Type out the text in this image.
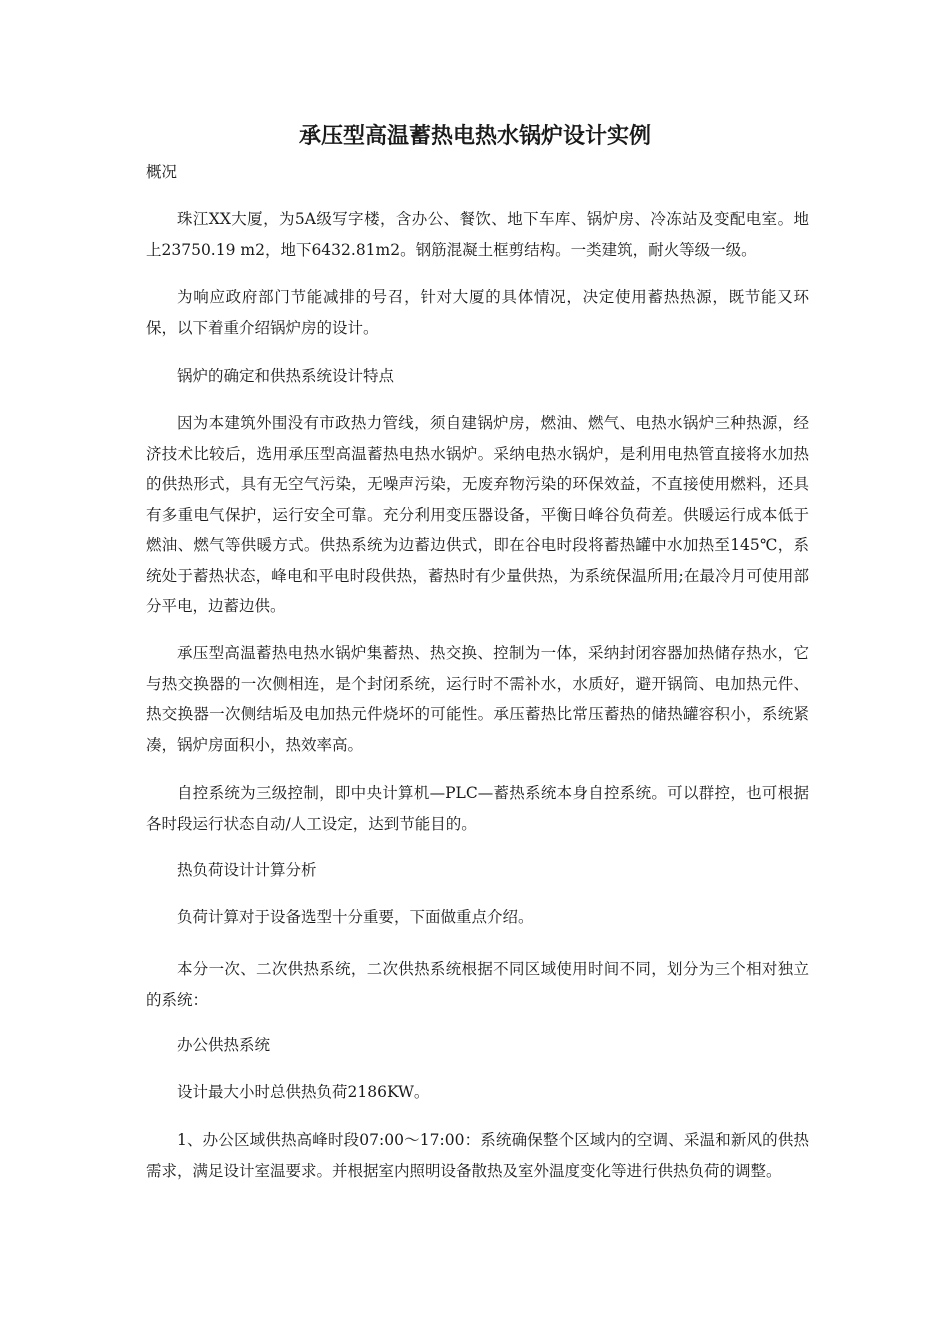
承压型高温蓄热电热水锅炉设计实例

概况

珠江XX大厦，为5A级写字楼，含办公、餐饮、地下车库、锅炉房、冷冻站及变配电室。地上23750.19 m2，地下6432.81m2。钢筋混凝土框剪结构。一类建筑，耐火等级一级。

为响应政府部门节能减排的号召，针对大厦的具体情况，决定使用蓄热热源，既节能又环保，以下着重介绍锅炉房的设计。

锅炉的确定和供热系统设计特点

因为本建筑外围没有市政热力管线，须自建锅炉房，燃油、燃气、电热水锅炉三种热源，经济技术比较后，选用承压型高温蓄热电热水锅炉。采纳电热水锅炉，是利用电热管直接将水加热的供热形式，具有无空气污染，无噪声污染，无废弃物污染的环保效益，不直接使用燃料，还具有多重电气保护，运行安全可靠。充分利用变压器设备，平衡日峰谷负荷差。供暖运行成本低于燃油、燃气等供暖方式。供热系统为边蓄边供式，即在谷电时段将蓄热罐中水加热至145℃，系统处于蓄热状态，峰电和平电时段供热，蓄热时有少量供热，为系统保温所用;在最冷月可使用部分平电，边蓄边供。

承压型高温蓄热电热水锅炉集蓄热、热交换、控制为一体，采纳封闭容器加热储存热水，它与热交换器的一次侧相连，是个封闭系统，运行时不需补水，水质好，避开锅筒、电加热元件、热交换器一次侧结垢及电加热元件烧坏的可能性。承压蓄热比常压蓄热的储热罐容积小，系统紧凑，锅炉房面积小，热效率高。

自控系统为三级控制，即中央计算机—PLC—蓄热系统本身自控系统。可以群控，也可根据各时段运行状态自动/人工设定，达到节能目的。

热负荷设计计算分析

负荷计算对于设备选型十分重要，下面做重点介绍。

本分一次、二次供热系统，二次供热系统根据不同区域使用时间不同，划分为三个相对独立的系统：

办公供热系统

设计最大小时总供热负荷2186KW。

1、办公区域供热高峰时段07:00～17:00：系统确保整个区域内的空调、采温和新风的供热需求，满足设计室温要求。并根据室内照明设备散热及室外温度变化等进行供热负荷的调整。
